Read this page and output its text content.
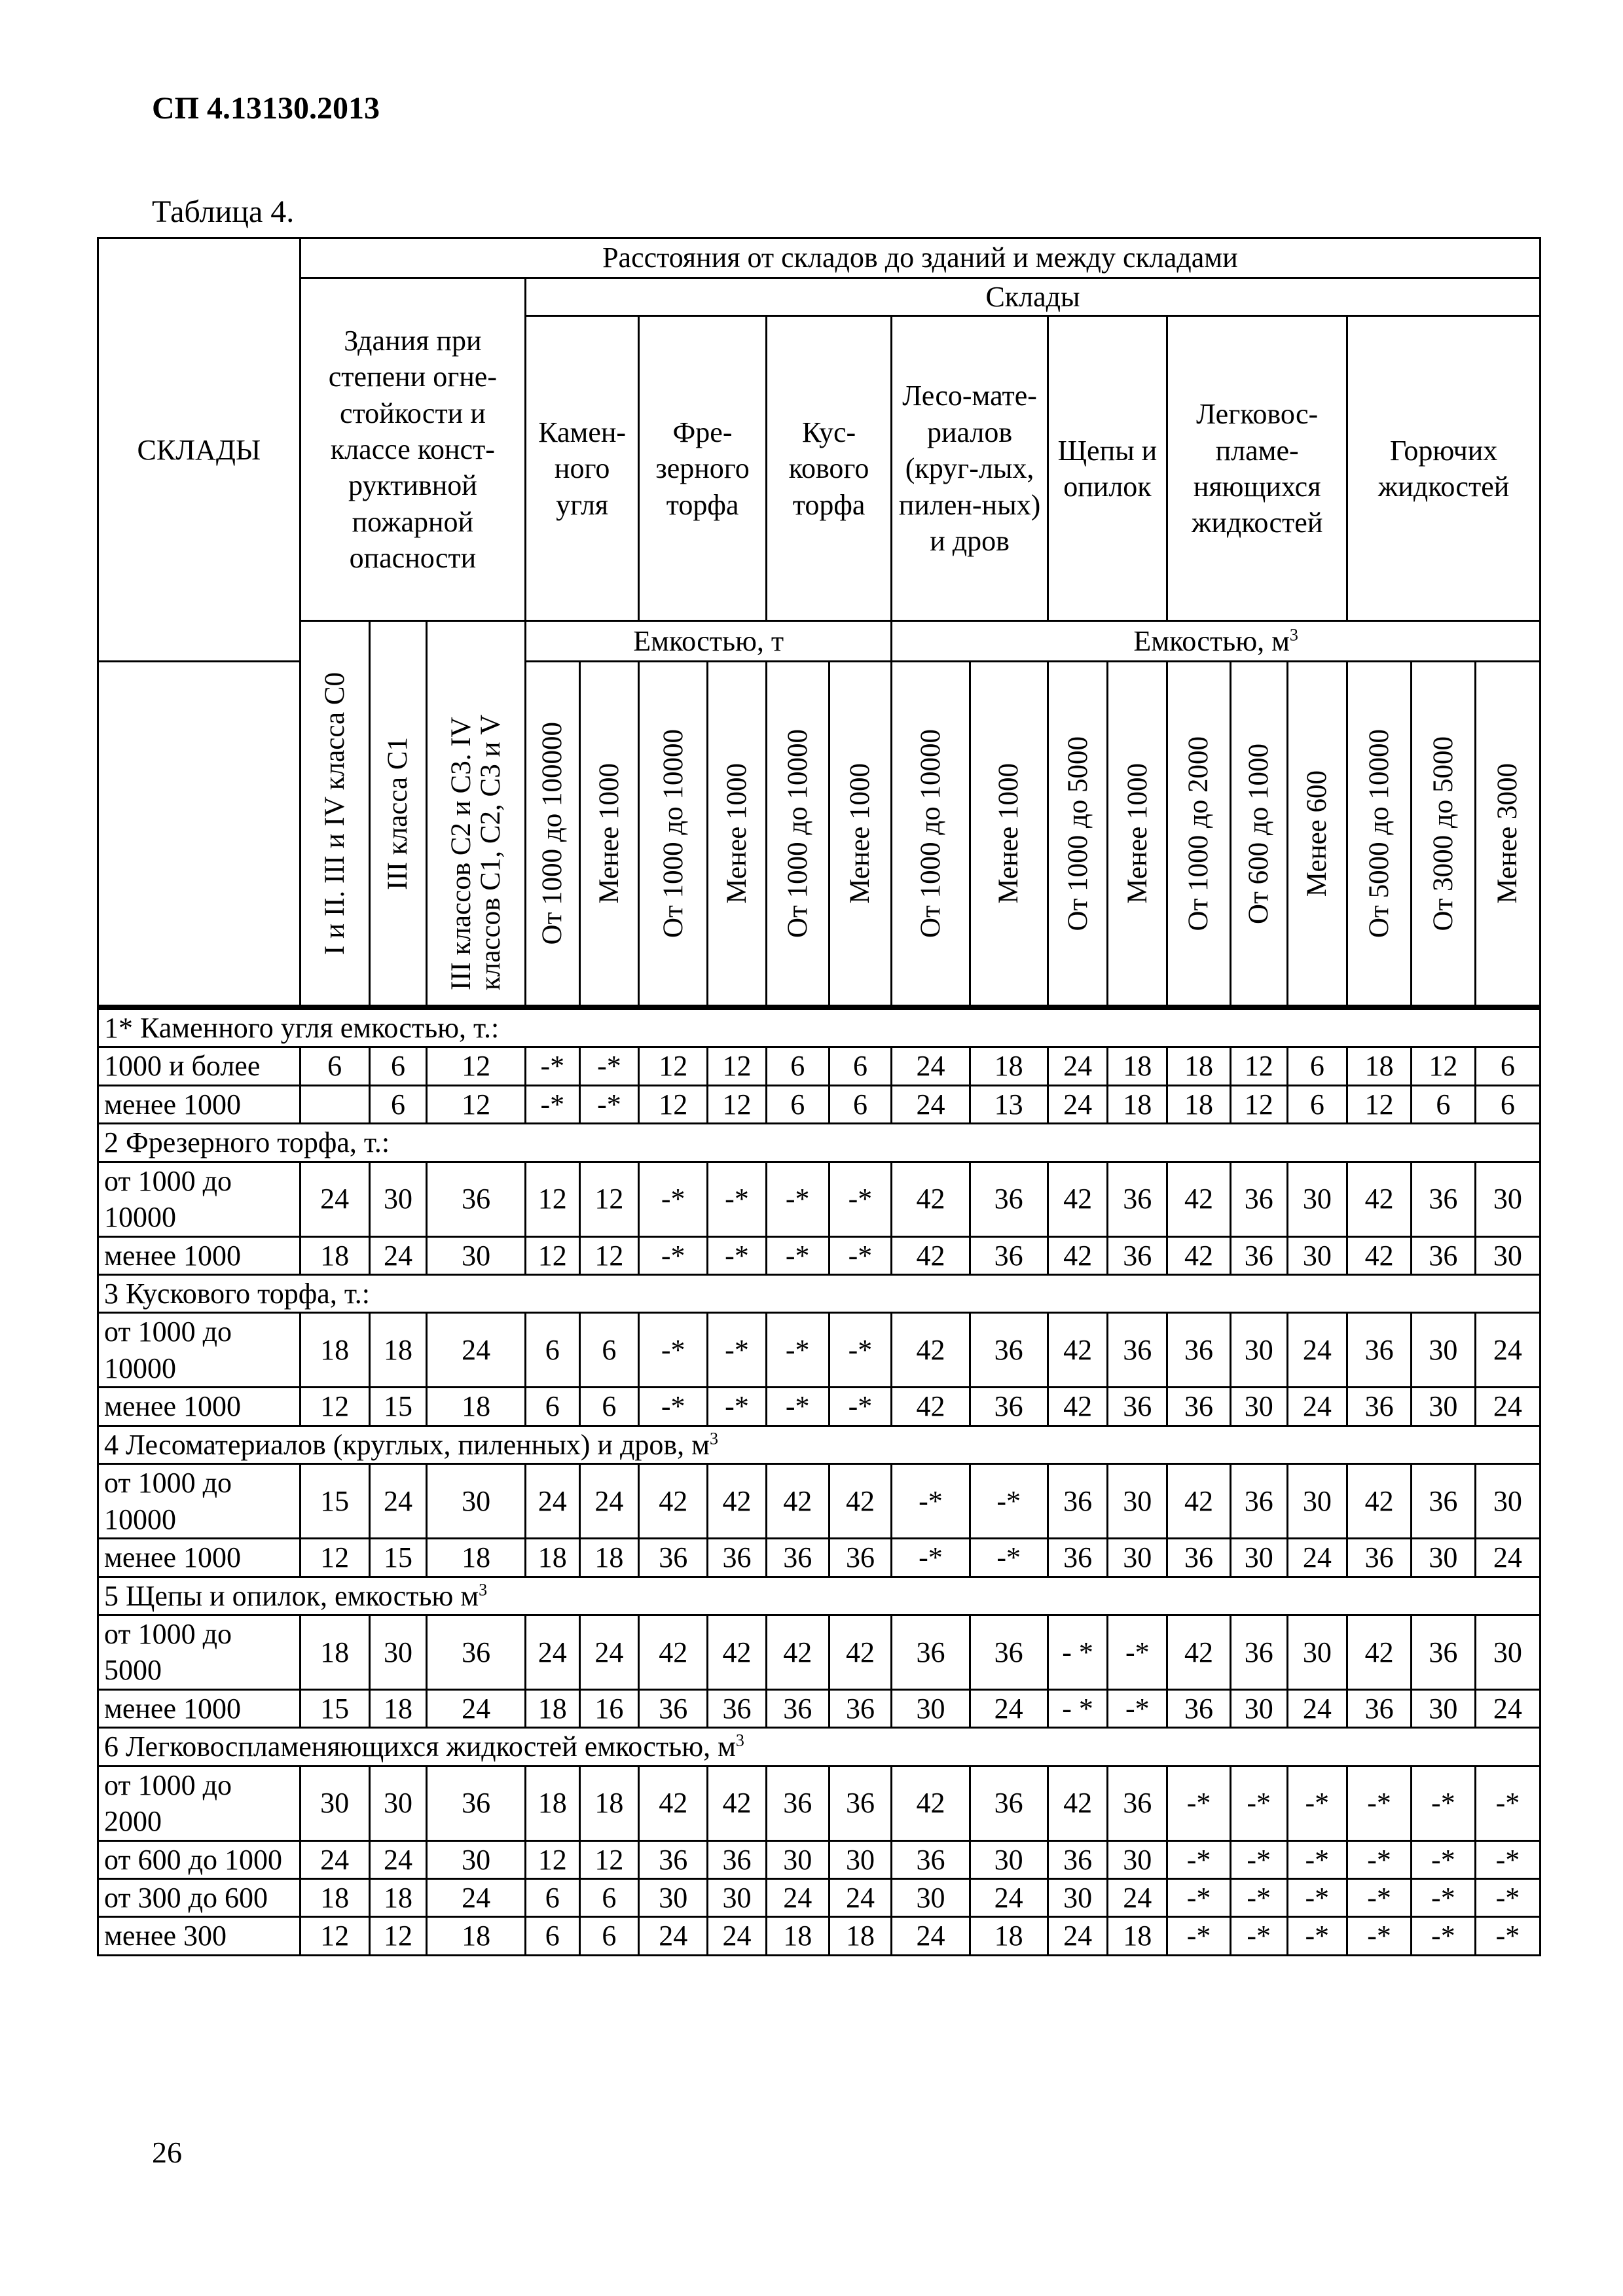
СП 4.13130.2013
Таблица 4.
СКЛАДЫ	Расстояния от складов до зданий и между складами																		
	Здания при степени огне-стойкости и классе конст-руктивной пожарной опасности			Склады															
				Камен-ного угля		Фре-зерного торфа		Кус-кового торфа		Лесо-мате-риалов (круг-лых, пилен-ных) и дров		Щепы и опилок		Легковос-пламе-няющихся жидкостей			Горючих жидкостей		

	I и II. III и IV класса С0	III класса С1	III классов С2 и С3. IV классов С1, С2, С3 и V	Емкостью, т						Емкостью, $м^3$

				От 1000 до 100000	Менее 1000	От 1000 до 10000	Менее 1000	От 1000 до 10000	Менее 1000	От 1000 до 10000	Менее 1000	От 1000 до 5000	Менее 1000	От 1000 до 2000	От 600 до 1000	Менее 600	От 5000 до 10000	От 3000 до 5000	Менее 3000

1* Каменного угля емкостью, т.:																			
1000 и более	6	6	12	-*	-*	12	12	6	6	24	18	24	18	18	12	6	18	12	6
менее 1000		6	12	-*	-*	12	12	6	6	24	13	24	18	18	12	6	12	6	6
2 Фрезерного торфа, т.:																			
от 1000 до 10000	24	30	36	12	12	-*	-*	-*	-*	42	36	42	36	42	36	30	42	36	30
менее 1000	18	24	30	12	12	-*	-*	-*	-*	42	36	42	36	42	36	30	42	36	30
3 Кускового торфа, т.:																			
от 1000 до 10000	18	18	24	6	6	-*	-*	-*	-*	42	36	42	36	36	30	24	36	30	24
менее 1000	12	15	18	6	6	-*	-*	-*	-*	42	36	42	36	36	30	24	36	30	24
4 Лесоматериалов (круглых, пиленных) и дров, $м^3$
от 1000 до 10000	15	24	30	24	24	42	42	42	42	-*	-*	36	30	42	36	30	42	36	30
менее 1000	12	15	18	18	18	36	36	36	36	-*	-*	36	30	36	30	24	36	30	24
5 Щепы и опилок, емкостью $м^3$
от 1000 до 5000	18	30	36	24	24	42	42	42	42	36	36	- *	-*	42	36	30	42	36	30
менее 1000	15	18	24	18	16	36	36	36	36	30	24	- *	-*	36	30	24	36	30	24
6 Легковоспламеняющихся жидкостей емкостью, $м^3$
от 1000 до 2000	30	30	36	18	18	42	42	36	36	42	36	42	36	-*	-*	-*	-*	-*	-*
от 600 до 1000	24	24	30	12	12	36	36	30	30	36	30	36	30	-*	-*	-*	-*	-*	-*
от 300 до 600	18	18	24	6	6	30	30	24	24	30	24	30	24	-*	-*	-*	-*	-*	-*
менее 300	12	12	18	6	6	24	24	18	18	24	18	24	18	-*	-*	-*	-*	-*	-*
26
